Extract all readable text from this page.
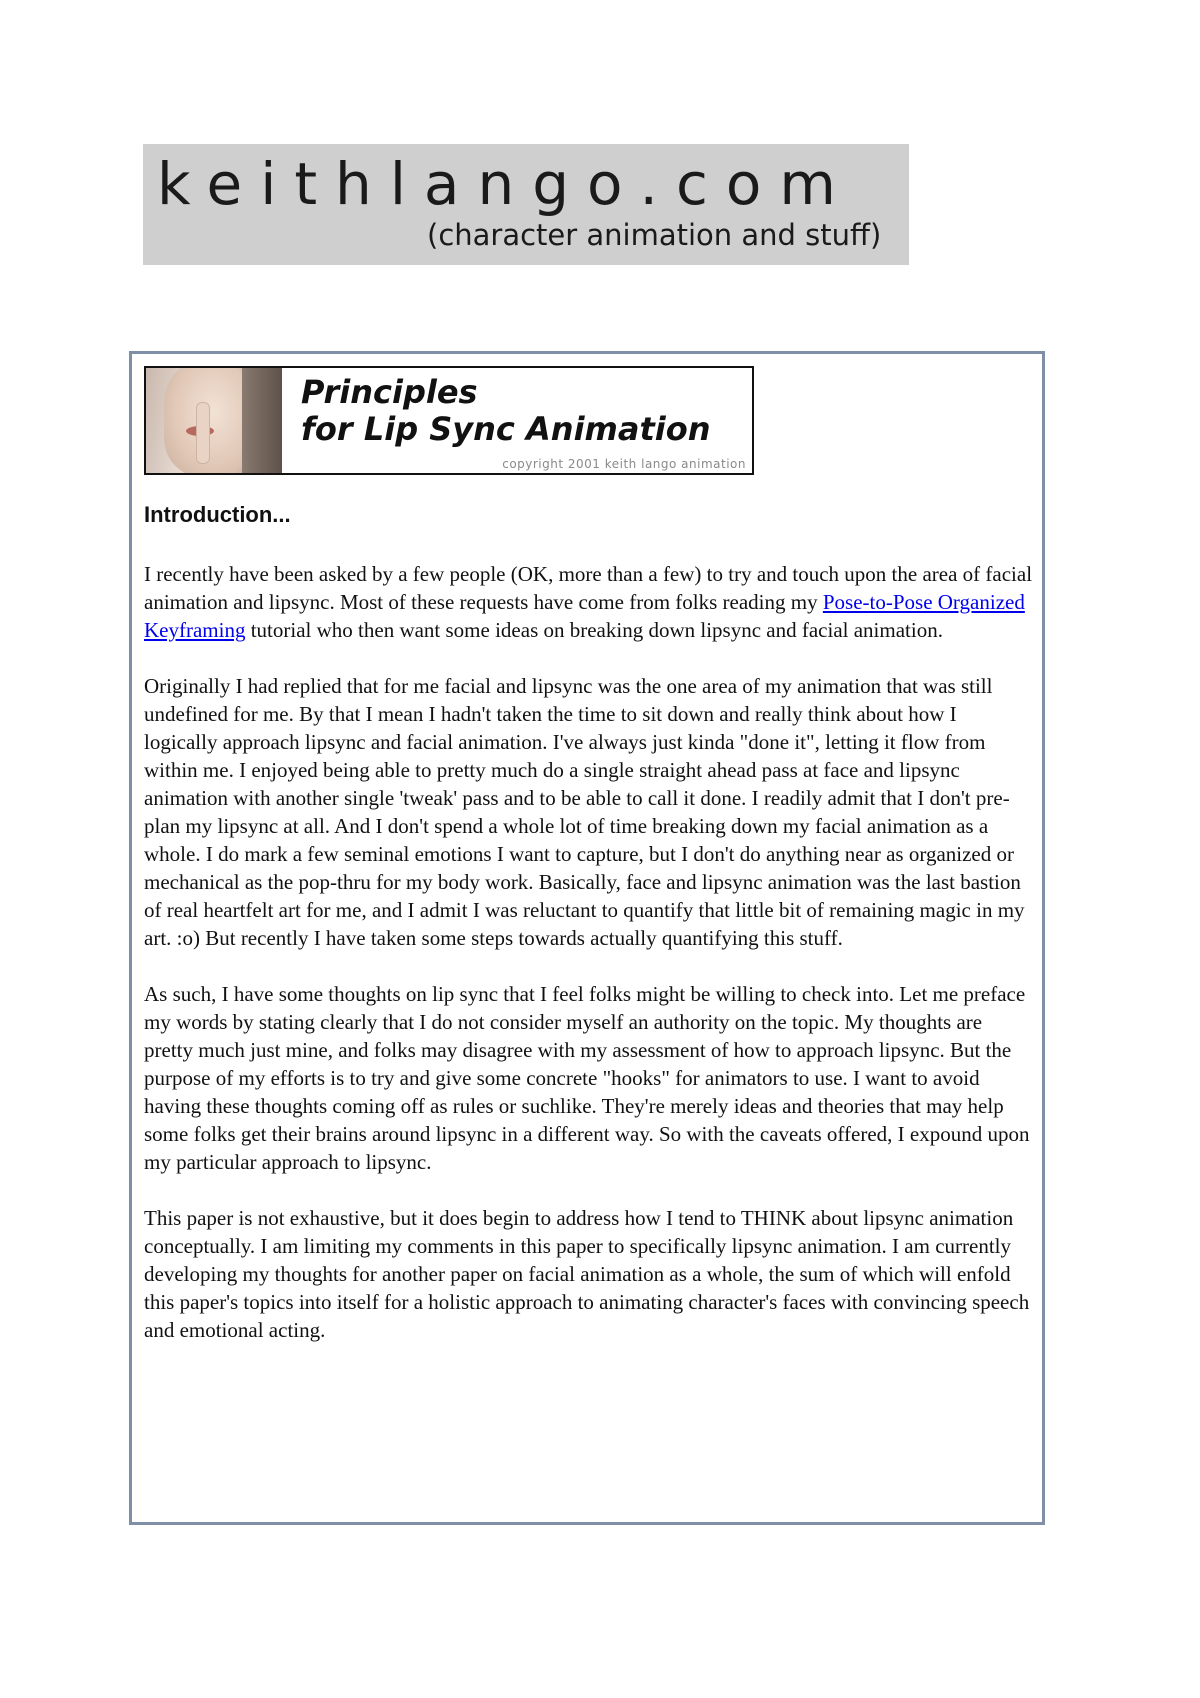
keithlango.com
(character animation and stuff)
Principles
for Lip Sync Animation
copyright 2001 keith lango animation
Introduction...

I recently have been asked by a few people (OK, more than a few) to try and touch upon the area of facial animation and lipsync. Most of these requests have come from folks reading my Pose-to-Pose Organized Keyframing tutorial who then want some ideas on breaking down lipsync and facial animation.

Originally I had replied that for me facial and lipsync was the one area of my animation that was still undefined for me. By that I mean I hadn't taken the time to sit down and really think about how I logically approach lipsync and facial animation. I've always just kinda "done it", letting it flow from within me. I enjoyed being able to pretty much do a single straight ahead pass at face and lipsync animation with another single 'tweak' pass and to be able to call it done. I readily admit that I don't pre-plan my lipsync at all. And I don't spend a whole lot of time breaking down my facial animation as a whole. I do mark a few seminal emotions I want to capture, but I don't do anything near as organized or mechanical as the pop-thru for my body work. Basically, face and lipsync animation was the last bastion of real heartfelt art for me, and I admit I was reluctant to quantify that little bit of remaining magic in my art. :o) But recently I have taken some steps towards actually quantifying this stuff.

As such, I have some thoughts on lip sync that I feel folks might be willing to check into. Let me preface my words by stating clearly that I do not consider myself an authority on the topic. My thoughts are pretty much just mine, and folks may disagree with my assessment of how to approach lipsync. But the purpose of my efforts is to try and give some concrete "hooks" for animators to use. I want to avoid having these thoughts coming off as rules or suchlike. They're merely ideas and theories that may help some folks get their brains around lipsync in a different way. So with the caveats offered, I expound upon my particular approach to lipsync.

This paper is not exhaustive, but it does begin to address how I tend to THINK about lipsync animation conceptually. I am limiting my comments in this paper to specifically lipsync animation. I am currently developing my thoughts for another paper on facial animation as a whole, the sum of which will enfold this paper's topics into itself for a holistic approach to animating character's faces with convincing speech and emotional acting.
